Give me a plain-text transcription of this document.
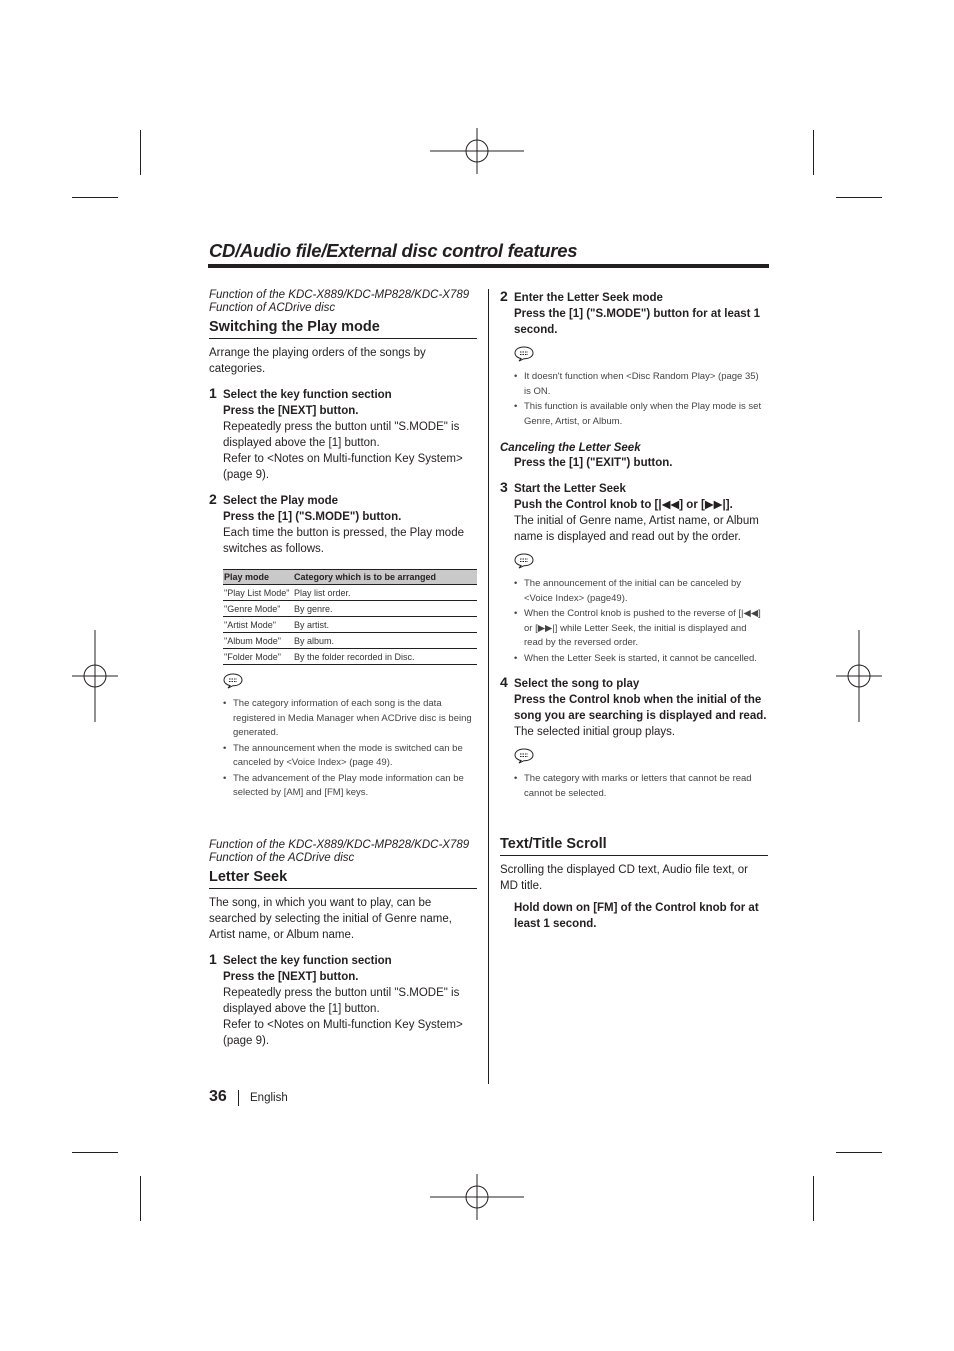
CD/Audio file/External disc control features
Function of the KDC-X889/KDC-MP828/KDC-X789
Function of ACDrive disc
Switching the Play mode
Arrange the playing orders of the songs by categories.
1 Select the key function section
Press the [NEXT] button.
Repeatedly press the button until "S.MODE" is displayed above the [1] button.
Refer to <Notes on Multi-function Key System> (page 9).
2 Select the Play mode
Press the [1] ("S.MODE") button.
Each time the button is pressed, the Play mode switches as follows.
Play mode	Category which is to be arranged
"Play List Mode"	Play list order.
"Genre Mode"	By genre.
"Artist Mode"	By artist.
"Album Mode"	By album.
"Folder Mode"	By the folder recorded in Disc.
• The category information of each song is the data registered in Media Manager when ACDrive disc is being generated.
• The announcement when the mode is switched can be canceled by <Voice Index> (page 49).
• The advancement of the Play mode information can be selected by [AM] and [FM] keys.
Function of the KDC-X889/KDC-MP828/KDC-X789
Function of the ACDrive disc
Letter Seek
The song, in which you want to play, can be searched by selecting the initial of Genre name, Artist name, or Album name.
1 Select the key function section
Press the [NEXT] button.
Repeatedly press the button until "S.MODE" is displayed above the [1] button.
Refer to <Notes on Multi-function Key System> (page 9).
2 Enter the Letter Seek mode
Press the [1] ("S.MODE") button for at least 1 second.
• It doesn't function when <Disc Random Play> (page 35) is ON.
• This function is available only when the Play mode is set Genre, Artist, or Album.
Canceling the Letter Seek
Press the [1] ("EXIT") button.
3 Start the Letter Seek
Push the Control knob to [|◀◀] or [▶▶|].
The initial of Genre name, Artist name, or Album name is displayed and read out by the order.
• The announcement of the initial can be canceled by <Voice Index> (page49).
• When the Control knob is pushed to the reverse of [|◀◀] or [▶▶|] while Letter Seek, the initial is displayed and read by the reversed order.
• When the Letter Seek is started, it cannot be cancelled.
4 Select the song to play
Press the Control knob when the initial of the song you are searching is displayed and read.
The selected initial group plays.
• The category with marks or letters that cannot be read cannot be selected.
Text/Title Scroll
Scrolling the displayed CD text, Audio file text, or MD title.
Hold down on [FM] of the Control knob for at least 1 second.
36 English
